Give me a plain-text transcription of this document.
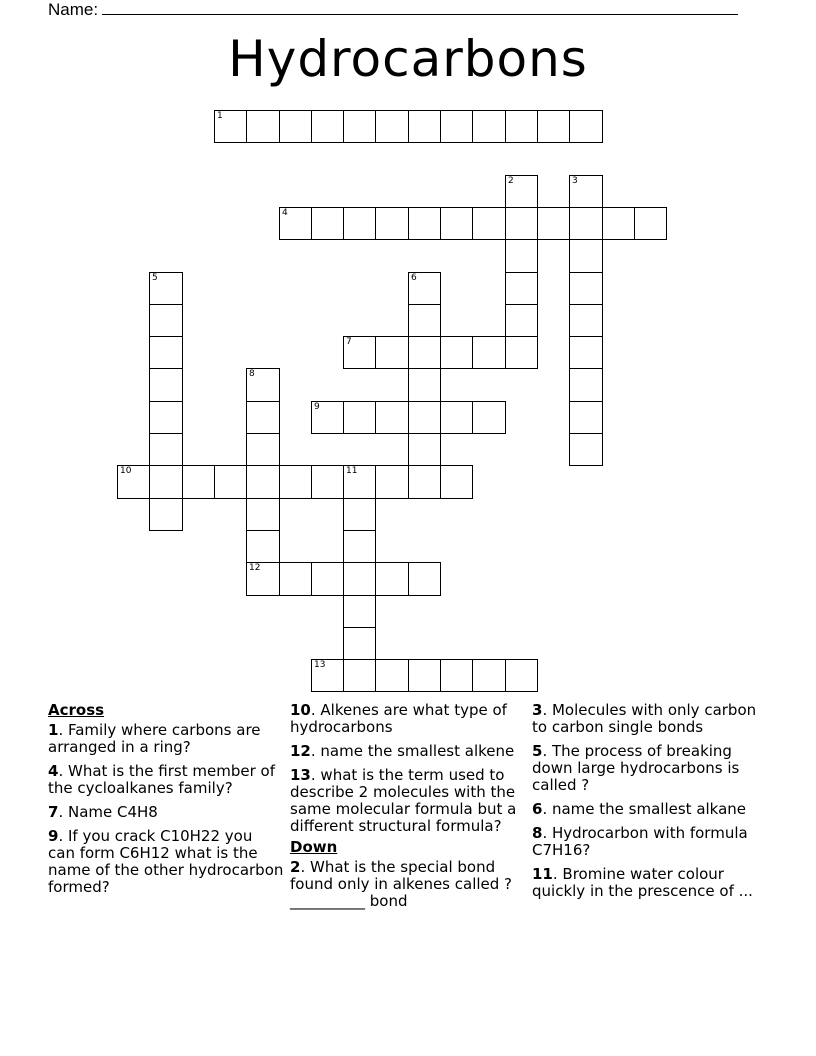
Name:
Hydrocarbons
1
2	3
4
5	6
7
8
12
9
10	11
13
Across
1. Family where carbons are arranged in a ring?
4. What is the first member of the cycloalkanes family?
7. Name C4H8
9. If you crack C10H22 you can form C6H12 what is the name of the other hydrocarbon formed?
10. Alkenes are what type of hydrocarbons
12. name the smallest alkene
13. what is the term used to describe 2 molecules with the same molecular formula but a different structural formula?
Down
2. What is the special bond found only in alkenes called ? __________ bond
3. Molecules with only carbon to carbon single bonds
5. The process of breaking down large hydrocarbons is called ?
6. name the smallest alkane
8. Hydrocarbon with formula C7H16?
11. Bromine water colour quickly in the prescence of ...
